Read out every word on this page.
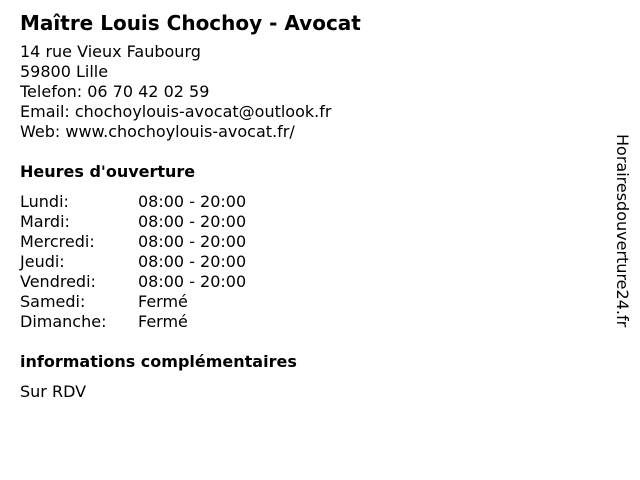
Maître Louis Chochoy - Avocat
14 rue Vieux Faubourg
59800 Lille
Telefon: 06 70 42 02 59
Email: chochoylouis-avocat@outlook.fr
Web: www.chochoylouis-avocat.fr/
Heures d'ouverture
Lundi:	08:00 - 20:00
Mardi:	08:00 - 20:00
Mercredi:	08:00 - 20:00
Jeudi:	08:00 - 20:00
Vendredi:	08:00 - 20:00
Samedi:	Fermé
Dimanche:	Fermé
informations complémentaires
Sur RDV
Horairesdouverture24.fr
